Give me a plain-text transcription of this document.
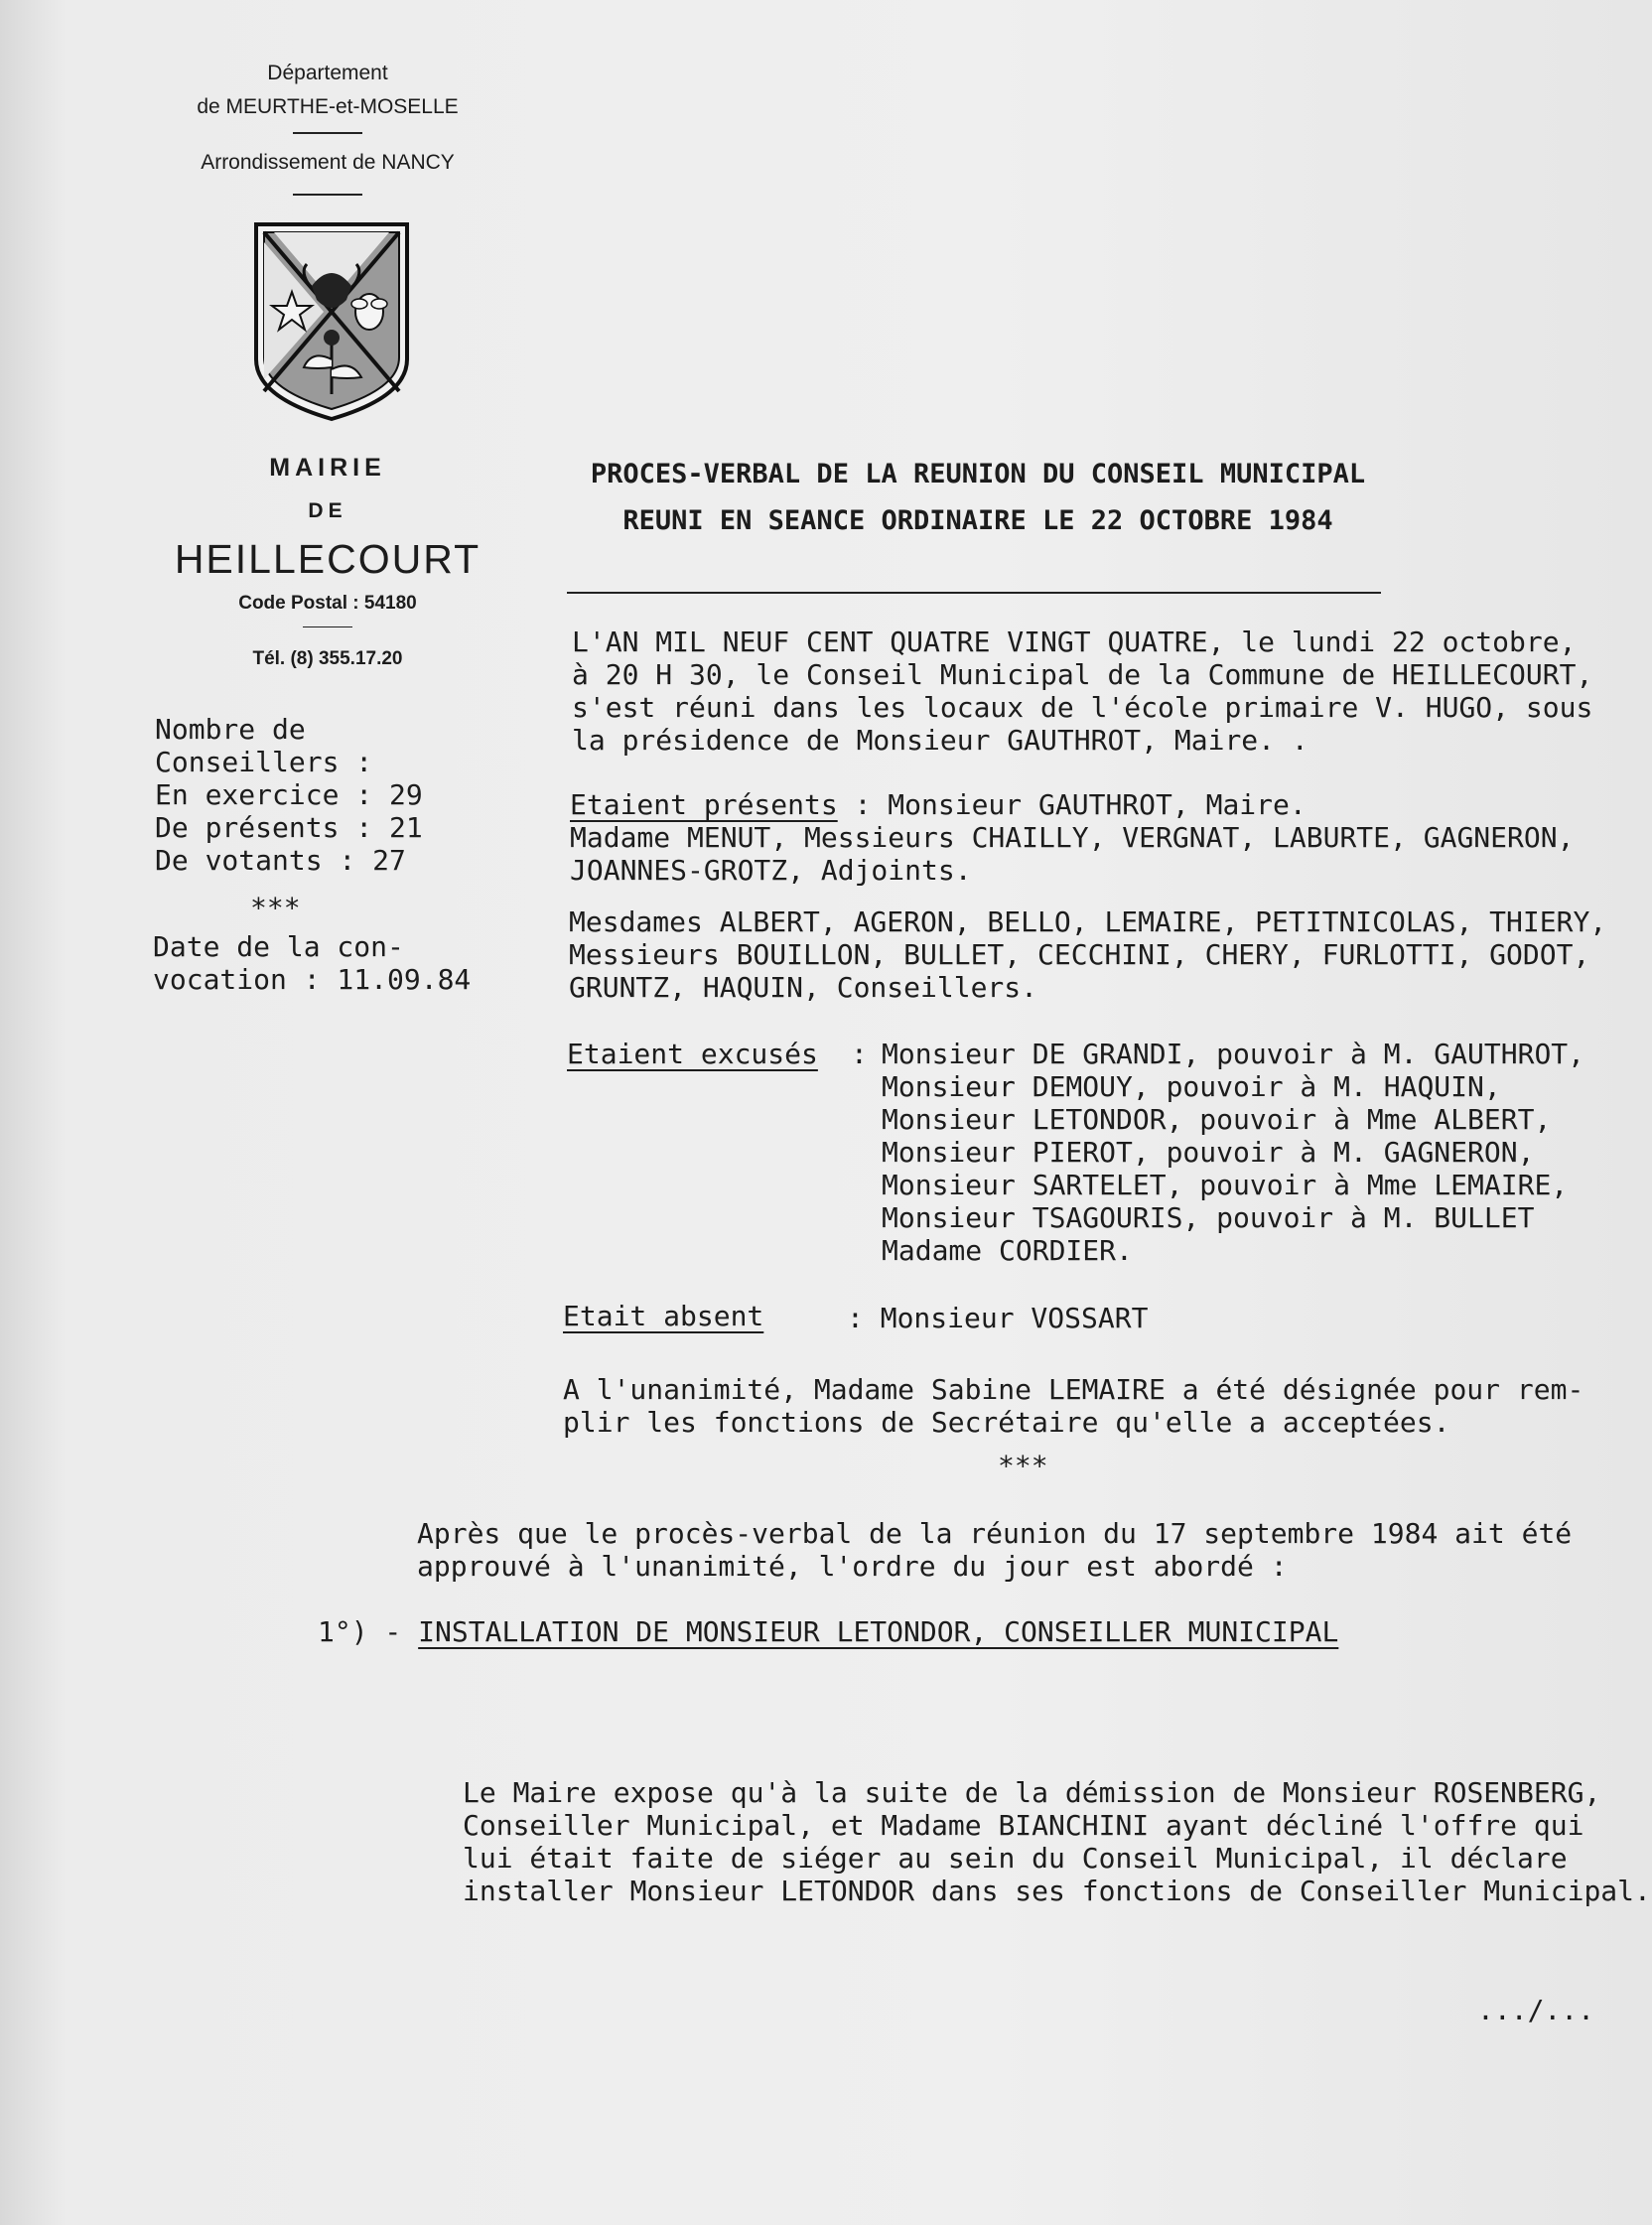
Département
de MEURTHE-et-MOSELLE
Arrondissement de NANCY
MAIRIE
DE
HEILLECOURT
Code Postal : 54180
Tél. (8) 355.17.20
Nombre de
Conseillers :
En exercice : 29
De présents : 21
De votants : 27
***
Date de la con-
vocation : 11.09.84
PROCES-VERBAL DE LA REUNION DU CONSEIL MUNICIPAL
REUNI EN SEANCE ORDINAIRE LE 22 OCTOBRE 1984
L'AN MIL NEUF CENT QUATRE VINGT QUATRE, le lundi 22 octobre,
à 20 H 30, le Conseil Municipal de la Commune de HEILLECOURT,
s'est réuni dans les locaux de l'école primaire V. HUGO, sous
la présidence de Monsieur GAUTHROT, Maire. .
Etaient présents : Monsieur GAUTHROT, Maire.
Madame MENUT, Messieurs CHAILLY, VERGNAT, LABURTE, GAGNERON,
JOANNES-GROTZ, Adjoints.
Mesdames ALBERT, AGERON, BELLO, LEMAIRE, PETITNICOLAS, THIERY,
Messieurs BOUILLON, BULLET, CECCHINI, CHERY, FURLOTTI, GODOT,
GRUNTZ, HAQUIN, Conseillers.
Etaient excusés : Monsieur DE GRANDI, pouvoir à M. GAUTHROT,
Monsieur DEMOUY, pouvoir à M. HAQUIN,
Monsieur LETONDOR, pouvoir à Mme ALBERT,
Monsieur PIEROT, pouvoir à M. GAGNERON,
Monsieur SARTELET, pouvoir à Mme LEMAIRE,
Monsieur TSAGOURIS, pouvoir à M. BULLET
Madame CORDIER.
Etait absent	: Monsieur VOSSART
A l'unanimité, Madame Sabine LEMAIRE a été désignée pour rem-
plir les fonctions de Secrétaire qu'elle a acceptées.
***
Après que le procès-verbal de la réunion du 17 septembre 1984 ait été
approuvé à l'unanimité, l'ordre du jour est abordé :
1°) - INSTALLATION DE MONSIEUR LETONDOR, CONSEILLER MUNICIPAL
Le Maire expose qu'à la suite de la démission de Monsieur ROSENBERG,
Conseiller Municipal, et Madame BIANCHINI ayant décliné l'offre qui
lui était faite de siéger au sein du Conseil Municipal, il déclare
installer Monsieur LETONDOR dans ses fonctions de Conseiller Municipal.
.../...
